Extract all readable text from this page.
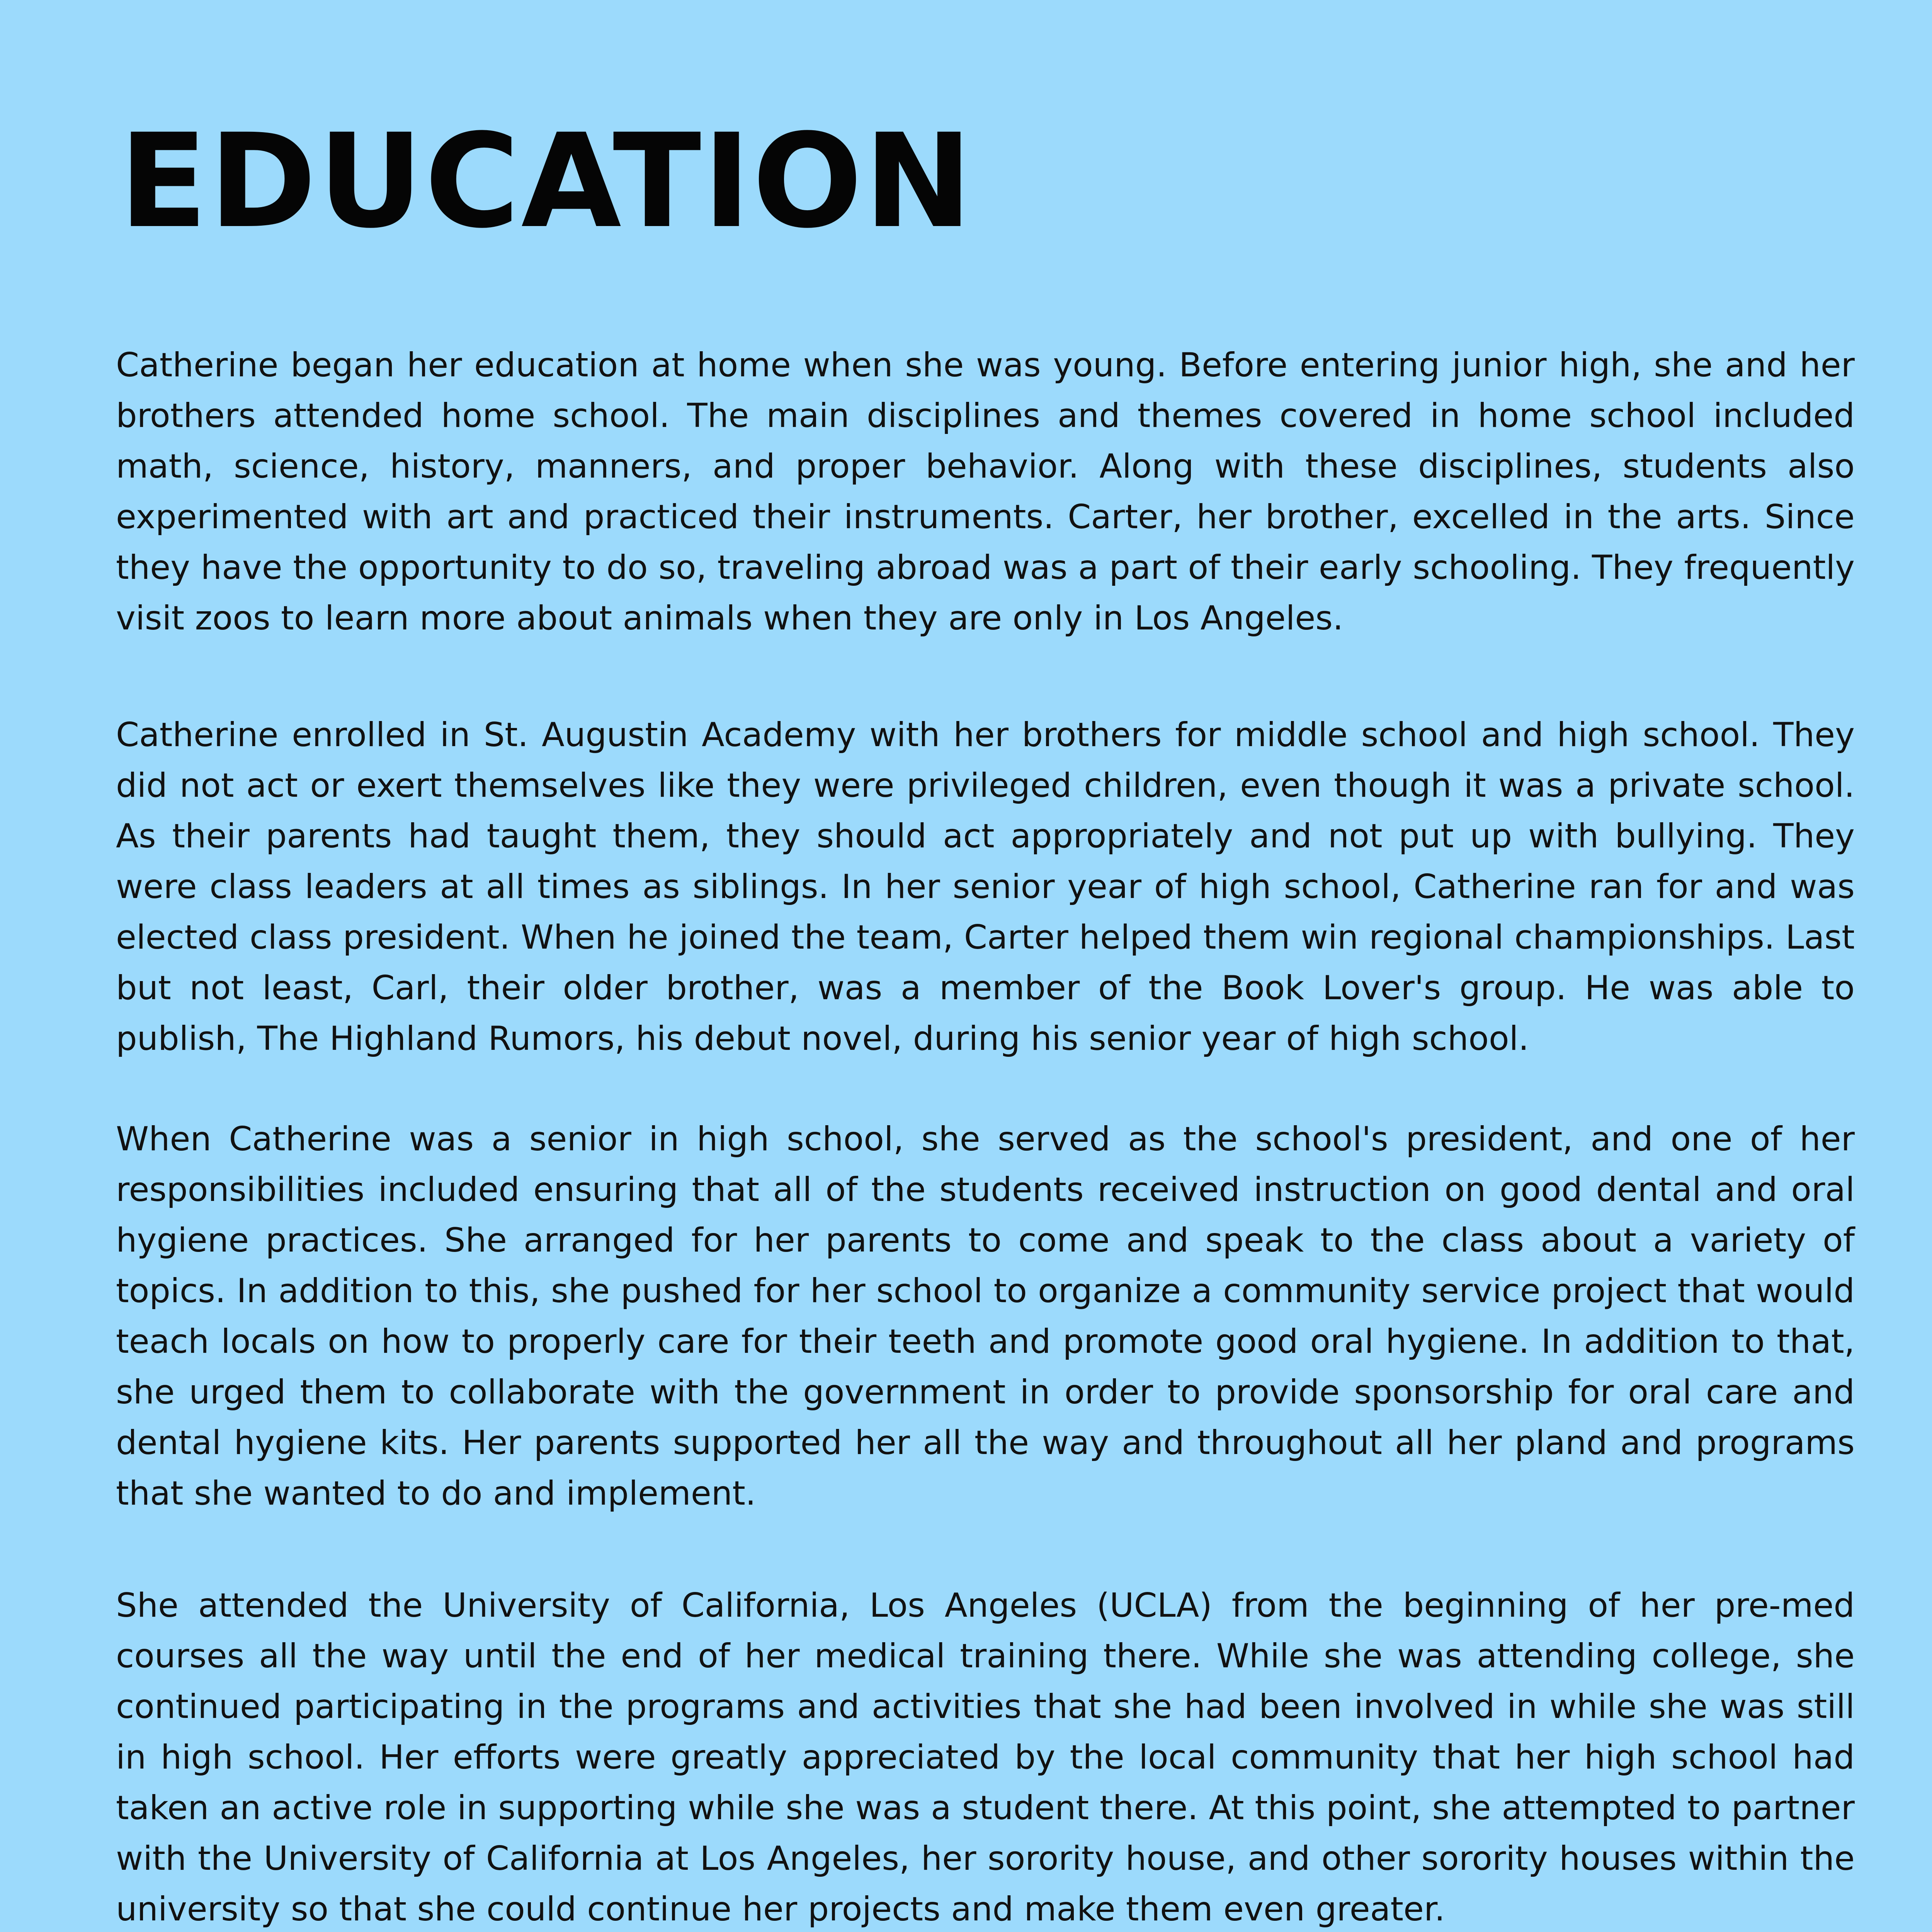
EDUCATION

Catherine began her education at home when she was young. Before entering junior high, she and her brothers attended home school. The main disciplines and themes covered in home school included math, science, history, manners, and proper behavior. Along with these disciplines, students also experimented with art and practiced their instruments. Carter, her brother, excelled in the arts. Since they have the opportunity to do so, traveling abroad was a part of their early schooling. They frequently visit zoos to learn more about animals when they are only in Los Angeles.

Catherine enrolled in St. Augustin Academy with her brothers for middle school and high school. They did not act or exert themselves like they were privileged children, even though it was a private school. As their parents had taught them, they should act appropriately and not put up with bullying. They were class leaders at all times as siblings. In her senior year of high school, Catherine ran for and was elected class president. When he joined the team, Carter helped them win regional championships. Last but not least, Carl, their older brother, was a member of the Book Lover's group. He was able to publish, The Highland Rumors, his debut novel, during his senior year of high school.

When Catherine was a senior in high school, she served as the school's president, and one of her responsibilities included ensuring that all of the students received instruction on good dental and oral hygiene practices. She arranged for her parents to come and speak to the class about a variety of topics. In addition to this, she pushed for her school to organize a community service project that would teach locals on how to properly care for their teeth and promote good oral hygiene. In addition to that, she urged them to collaborate with the government in order to provide sponsorship for oral care and dental hygiene kits. Her parents supported her all the way and throughout all her pland and programs that she wanted to do and implement.

She attended the University of California, Los Angeles (UCLA) from the beginning of her pre-med courses all the way until the end of her medical training there. While she was attending college, she continued participating in the programs and activities that she had been involved in while she was still in high school. Her efforts were greatly appreciated by the local community that her high school had taken an active role in supporting while she was a student there. At this point, she attempted to partner with the University of California at Los Angeles, her sorority house, and other sorority houses within the university so that she could continue her projects and make them even greater.
